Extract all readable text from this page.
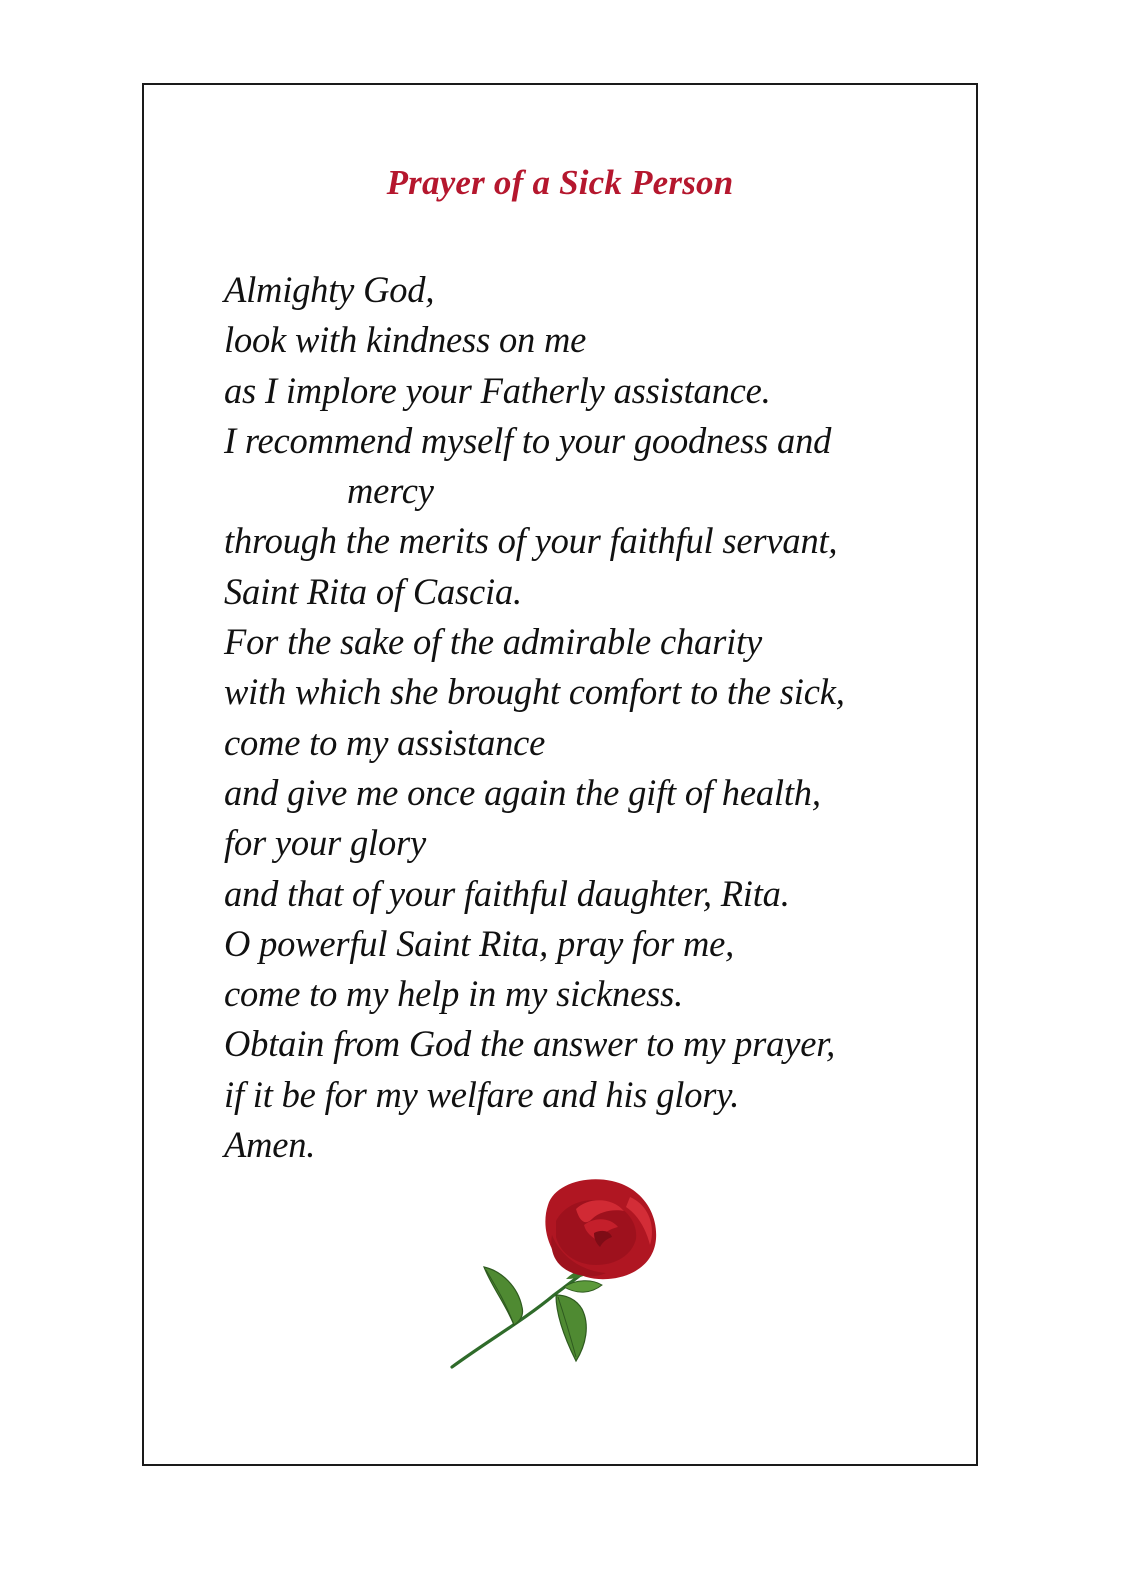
Prayer of a Sick Person
Almighty God,
look with kindness on me
as I implore your Fatherly assistance.
I recommend myself to your goodness and
mercy
through the merits of your faithful servant,
Saint Rita of Cascia.
For the sake of the admirable charity
with which she brought comfort to the sick,
come to my assistance
and give me once again the gift of health,
for your glory
and that of your faithful daughter, Rita.
O powerful Saint Rita, pray for me,
come to my help in my sickness.
Obtain from God the answer to my prayer,
if it be for my welfare and his glory.
Amen.
